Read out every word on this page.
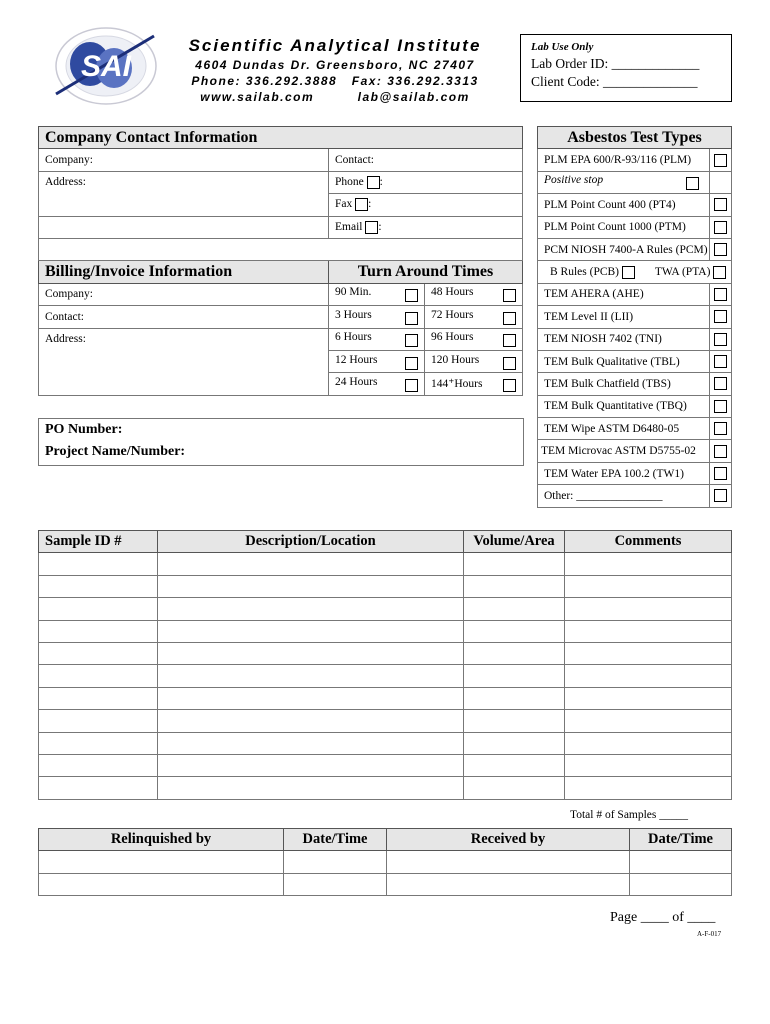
SAI
Scientific Analytical Institute
4604 Dundas Dr. Greensboro, NC 27407
Phone: 336.292.3888 Fax: 336.292.3313
www.sailab.com	lab@sailab.com
Lab Use Only
Lab Order ID: _____________
Client Code: ______________
Company Contact Information		
Company:	Contact:	
Address:	Phone :	
	Fax :	
	Email :	

Billing/Invoice Information	Turn Around Times	
Company:	90 Min.	48 Hours

Contact:	3 Hours	72 Hours

Address:	6 Hours	96 Hours

	12 Hours	120 Hours

	24 Hours	144⁺Hours
PO Number:
Project Name/Number:
Asbestos Test Types	
PLM EPA 600/R-93/116 (PLM)	
Positive stop

PLM Point Count 400 (PT4)	
PLM Point Count 1000 (PTM)	
PCM NIOSH 7400-A Rules (PCM)	
B Rules (PCB) TWA (PTA)	
TEM AHERA (AHE)	
TEM Level II (LII)	
TEM NIOSH 7402 (TNI)	
TEM Bulk Qualitative (TBL)	
TEM Bulk Chatfield (TBS)	
TEM Bulk Quantitative (TBQ)	
TEM Wipe ASTM D6480-05	
TEM Microvac ASTM D5755-02	
TEM Water EPA 100.2 (TW1)	
Other: _______________	
Sample ID #	Description/Location	Volume/Area	Comments

Total # of Samples _____
Relinquished by	Date/Time	Received by	Date/Time

Page ____ of ____
A-F-017
